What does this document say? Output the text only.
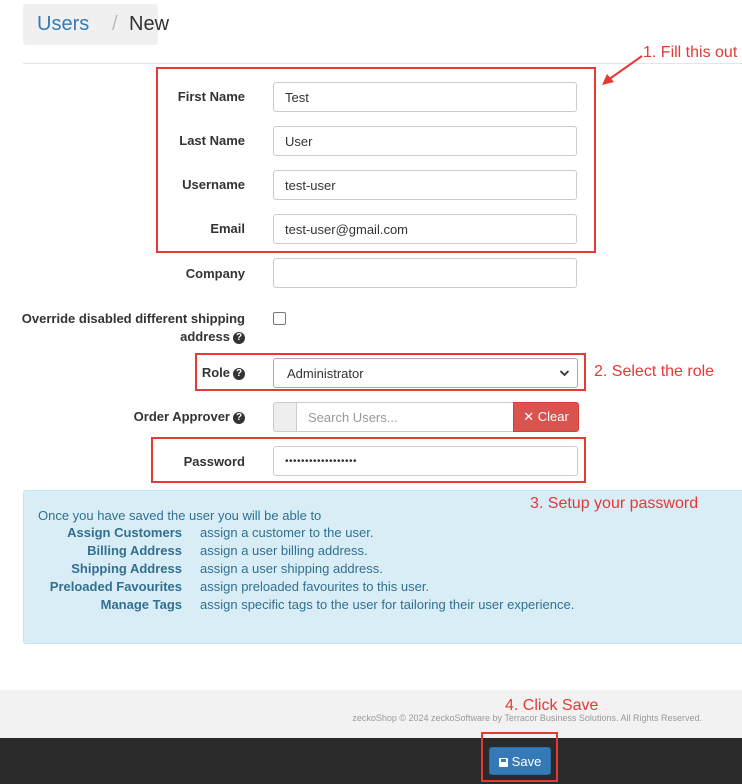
Users / New
First Name	Test
Last Name	User
Username	test-user
Email	test-user@gmail.com
Company
Override disabled different shipping
address ?
Role ?	Administrator
Order Approver ?	Search Users...	✕ Clear
Password	••••••••••••••••••
Once you have saved the user you will be able to
Assign Customers assign a customer to the user.
Billing Address assign a user billing address.
Shipping Address assign a user shipping address.
Preloaded Favourites assign preloaded favourites to this user.
Manage Tags assign specific tags to the user for tailoring their user experience.
zeckoShop © 2024 zeckoSoftware by Terracor Business Solutions. All Rights Reserved.
Save
1. Fill this out
2. Select the role
3. Setup your password
4. Click Save
